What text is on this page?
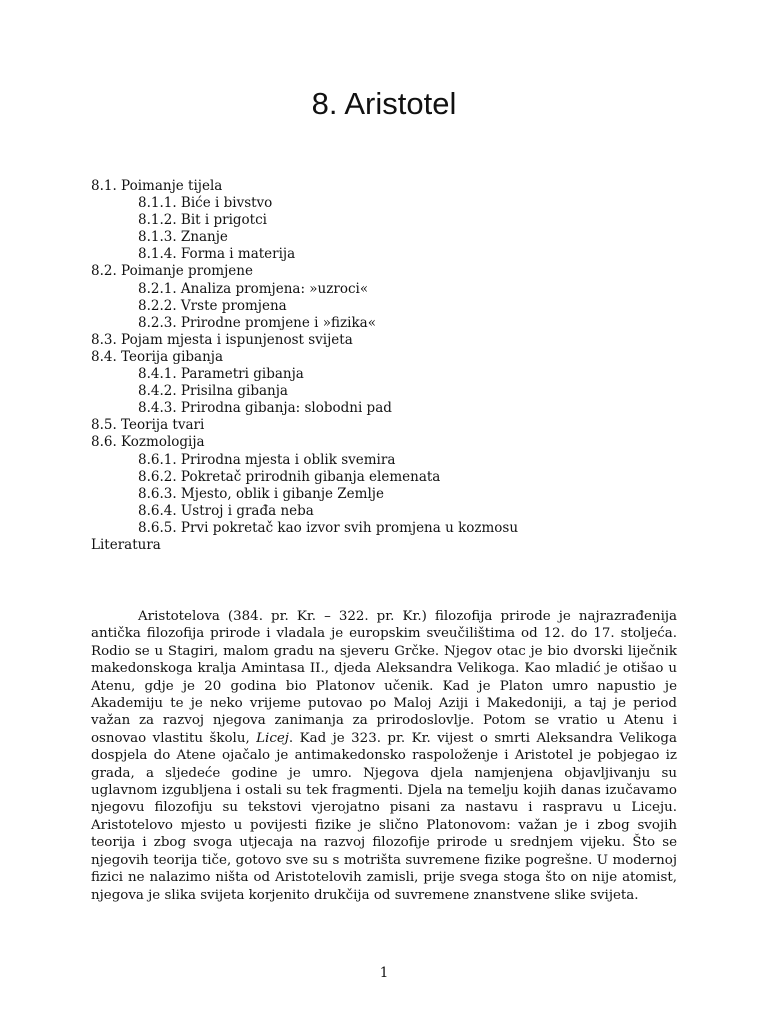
8. Aristotel
8.1. Poimanje tijela
8.1.1. Biće i bivstvo
8.1.2. Bit i prigotci
8.1.3. Znanje
8.1.4. Forma i materija
8.2. Poimanje promjene
8.2.1. Analiza promjena: »uzroci«
8.2.2. Vrste promjena
8.2.3. Prirodne promjene i »fizika«
8.3. Pojam mjesta i ispunjenost svijeta
8.4. Teorija gibanja
8.4.1. Parametri gibanja
8.4.2. Prisilna gibanja
8.4.3. Prirodna gibanja: slobodni pad
8.5. Teorija tvari
8.6. Kozmologija
8.6.1. Prirodna mjesta i oblik svemira
8.6.2. Pokretač prirodnih gibanja elemenata
8.6.3. Mjesto, oblik i gibanje Zemlje
8.6.4. Ustroj i građa neba
8.6.5. Prvi pokretač kao izvor svih promjena u kozmosu
Literatura

Aristotelova (384. pr. Kr. – 322. pr. Kr.) filozofija prirode je najrazrađenija antička filozofija prirode i vladala je europskim sveučilištima od 12. do 17. stoljeća. Rodio se u Stagiri, malom gradu na sjeveru Grčke. Njegov otac je bio dvorski liječnik makedonskoga kralja Amintasa II., djeda Aleksandra Velikoga. Kao mladić je otišao u Atenu, gdje je 20 godina bio Platonov učenik. Kad je Platon umro napustio je Akademiju te je neko vrijeme putovao po Maloj Aziji i Makedoniji, a taj je period važan za razvoj njegova zanimanja za prirodoslovlje. Potom se vratio u Atenu i osnovao vlastitu školu, Licej. Kad je 323. pr. Kr. vijest o smrti Aleksandra Velikoga dospjela do Atene ojačalo je antimakedonsko raspoloženje i Aristotel je pobjegao iz grada, a sljedeće godine je umro. Njegova djela namjenjena objavljivanju su uglavnom izgubljena i ostali su tek fragmenti. Djela na temelju kojih danas izučavamo njegovu filozofiju su tekstovi vjerojatno pisani za nastavu i raspravu u Liceju. Aristotelovo mjesto u povijesti fizike je slično Platonovom: važan je i zbog svojih teorija i zbog svoga utjecaja na razvoj filozofije prirode u srednjem vijeku. Što se njegovih teorija tiče, gotovo sve su s motrišta suvremene fizike pogrešne. U modernoj fizici ne nalazimo ništa od Aristotelovih zamisli, prije svega stoga što on nije atomist, njegova je slika svijeta korjenito drukčija od suvremene znanstvene slike svijeta.

1
